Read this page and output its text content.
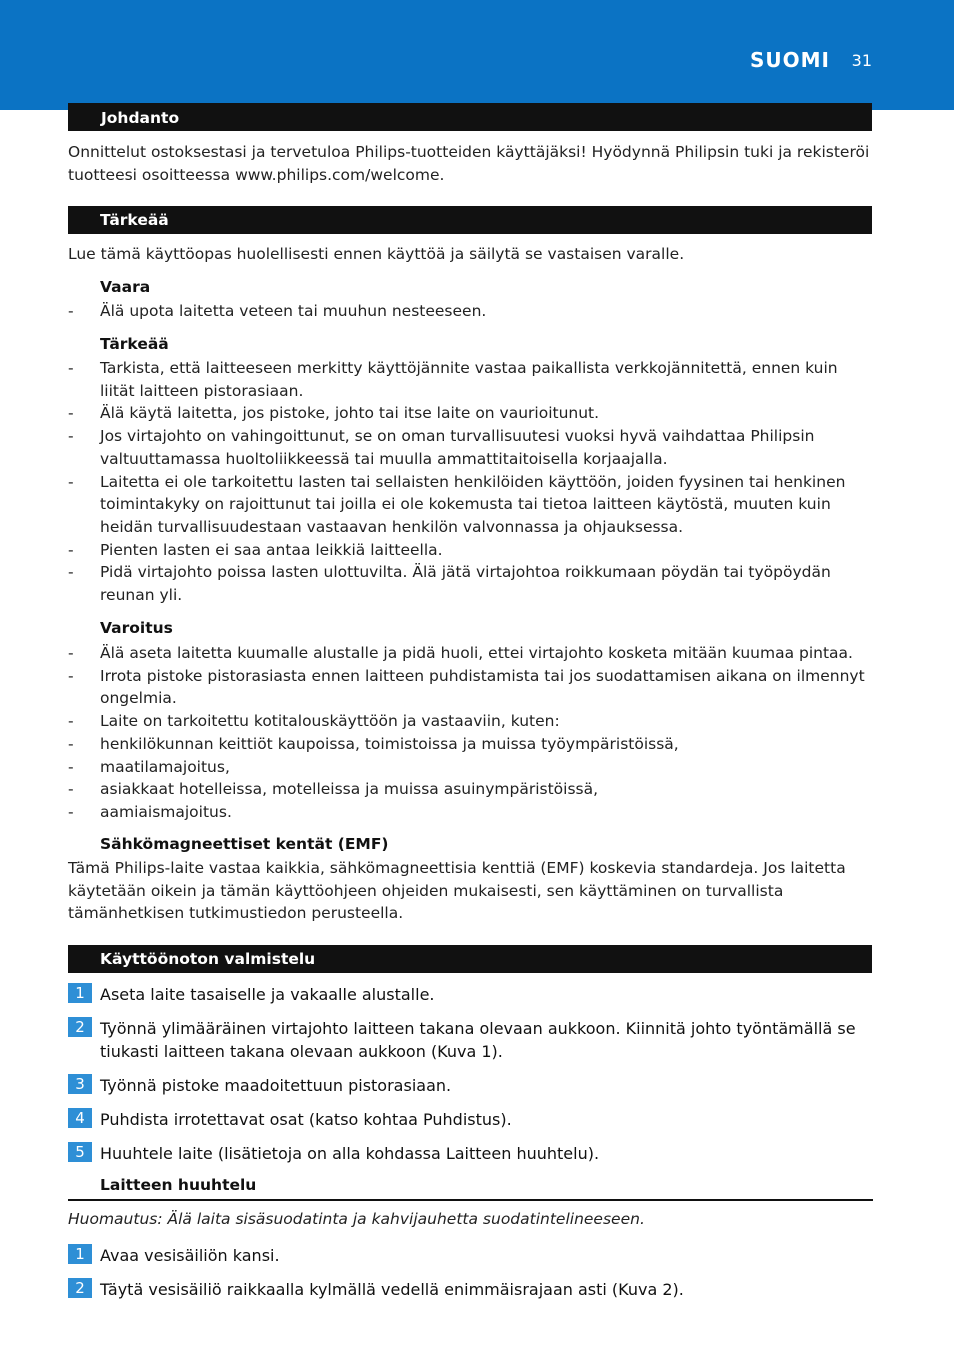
SUOMI 31
Johdanto
Onnittelut ostoksestasi ja tervetuloa Philips-tuotteiden käyttäjäksi! Hyödynnä Philipsin tuki ja rekisteröi tuotteesi osoitteessa www.philips.com/welcome.
Tärkeää
Lue tämä käyttöopas huolellisesti ennen käyttöä ja säilytä se vastaisen varalle.
Vaara
- Älä upota laitetta veteen tai muuhun nesteeseen.
Tärkeää
- Tarkista, että laitteeseen merkitty käyttöjännite vastaa paikallista verkkojännitettä, ennen kuin liität laitteen pistorasiaan.
- Älä käytä laitetta, jos pistoke, johto tai itse laite on vaurioitunut.
- Jos virtajohto on vahingoittunut, se on oman turvallisuutesi vuoksi hyvä vaihdattaa Philipsin valtuuttamassa huoltoliikkeessä tai muulla ammattitaitoisella korjaajalla.
- Laitetta ei ole tarkoitettu lasten tai sellaisten henkilöiden käyttöön, joiden fyysinen tai henkinen toimintakyky on rajoittunut tai joilla ei ole kokemusta tai tietoa laitteen käytöstä, muuten kuin heidän turvallisuudestaan vastaavan henkilön valvonnassa ja ohjauksessa.
- Pienten lasten ei saa antaa leikkiä laitteella.
- Pidä virtajohto poissa lasten ulottuvilta. Älä jätä virtajohtoa roikkumaan pöydän tai työpöydän reunan yli.
Varoitus
- Älä aseta laitetta kuumalle alustalle ja pidä huoli, ettei virtajohto kosketa mitään kuumaa pintaa.
- Irrota pistoke pistorasiasta ennen laitteen puhdistamista tai jos suodattamisen aikana on ilmennyt ongelmia.
- Laite on tarkoitettu kotitalouskäyttöön ja vastaaviin, kuten:
- henkilökunnan keittiöt kaupoissa, toimistoissa ja muissa työympäristöissä,
- maatilamajoitus,
- asiakkaat hotelleissa, motelleissa ja muissa asuinympäristöissä,
- aamiaismajoitus.
Sähkömagneettiset kentät (EMF)
Tämä Philips-laite vastaa kaikkia, sähkömagneettisia kenttiä (EMF) koskevia standardeja. Jos laitetta käytetään oikein ja tämän käyttöohjeen ohjeiden mukaisesti, sen käyttäminen on turvallista tämänhetkisen tutkimustiedon perusteella.
Käyttöönoton valmistelu
1 Aseta laite tasaiselle ja vakaalle alustalle.
2 Työnnä ylimääräinen virtajohto laitteen takana olevaan aukkoon. Kiinnitä johto työntämällä se tiukasti laitteen takana olevaan aukkoon (Kuva 1).
3 Työnnä pistoke maadoitettuun pistorasiaan.
4 Puhdista irrotettavat osat (katso kohtaa Puhdistus).
5 Huuhtele laite (lisätietoja on alla kohdassa Laitteen huuhtelu).
Laitteen huuhtelu
Huomautus: Älä laita sisäsuodatinta ja kahvijauhetta suodatintelineeseen.
1 Avaa vesisäiliön kansi.
2 Täytä vesisäiliö raikkaalla kylmällä vedellä enimmäisrajaan asti (Kuva 2).
